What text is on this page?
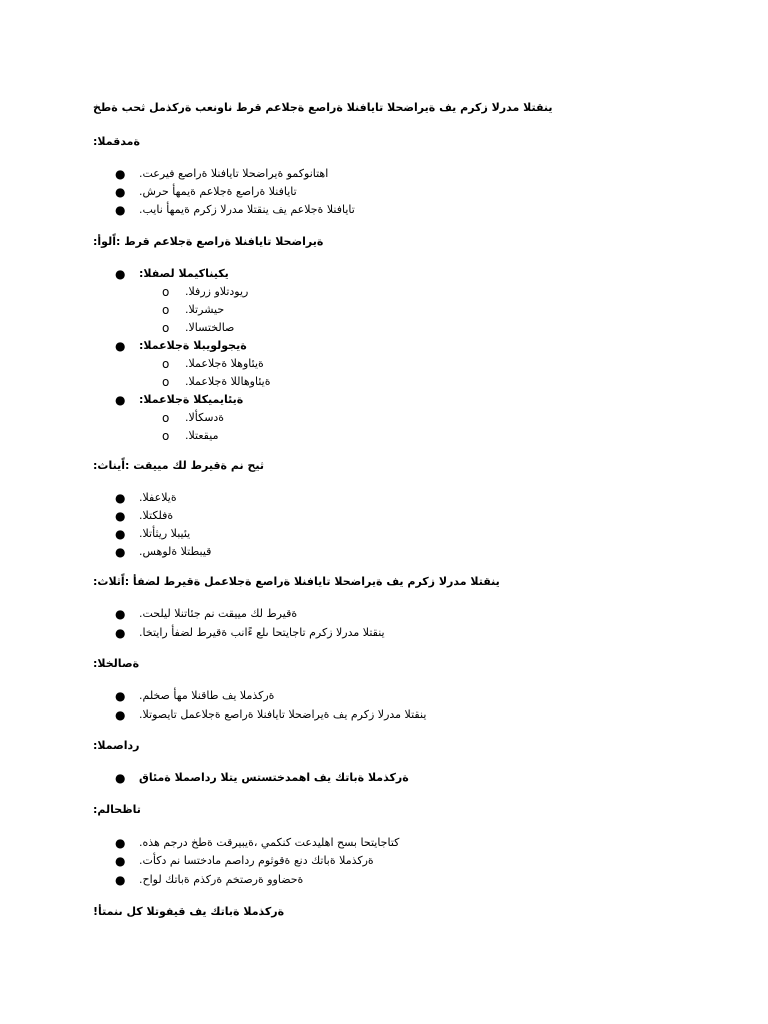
خطة بحث لمذكرة بعنوان طرق معالجة عصارة النفايات الحضارية في مركز الردم التقني
:المقدمة
.تعريف عصارة النفايات الحضارية ومكوناتها
●
.شرح أهمية معالجة عصارة النفايات
●
.بيان أهمية مركز الردم التقني في معالجة النفايات
●
:أولاً: طرق معالجة عصارة النفايات الحضارية
:الفصل الميكانيكي
●
.الفرز والتدوير
o
.الترشيح
o
.الاستخلاص
o
:المعالجة البيولوجية
●
.المعالجة الهوائية
o
.المعالجة اللاهوائية
o
:المعالجة الكيميائية
●
.الأكسدة
o
.التعقيم
o
:ثانياً: تقييم كل طريقة من حيث
.الفعالية
●
.التكلفة
●
.التأثير البيئي
●
.سهولة التطبيق
●
:ثالثاً: أفضل طريقة لمعالجة عصارة النفايات الحضارية في مركز الردم التقني
.تحليل النتائج من تقييم كل طريقة
●
.اختيار أفضل طريقة بناءً على احتياجات مركز الردم التقني
●
:الخلاصة
.ملخص أهم النقاط في المذكرة
●
.التوصيات لمعالجة عصارة النفايات الحضارية في مركز الردم التقني
●
:المصادر
قائمة المصادر التي ستستخدمها في كتابة المذكرة
●
:ملاحظات
.هذه مجرد خطة تقريبية، يمكنك تعديلها حسب احتياجاتك
●
.تأكد من استخدام مصادر موثوقة عند كتابة المذكرة
●
.حاول كتابة مذكرة مختصرة وواضحة
●
!أتمنى لك التوفيق في كتابة المذكرة
